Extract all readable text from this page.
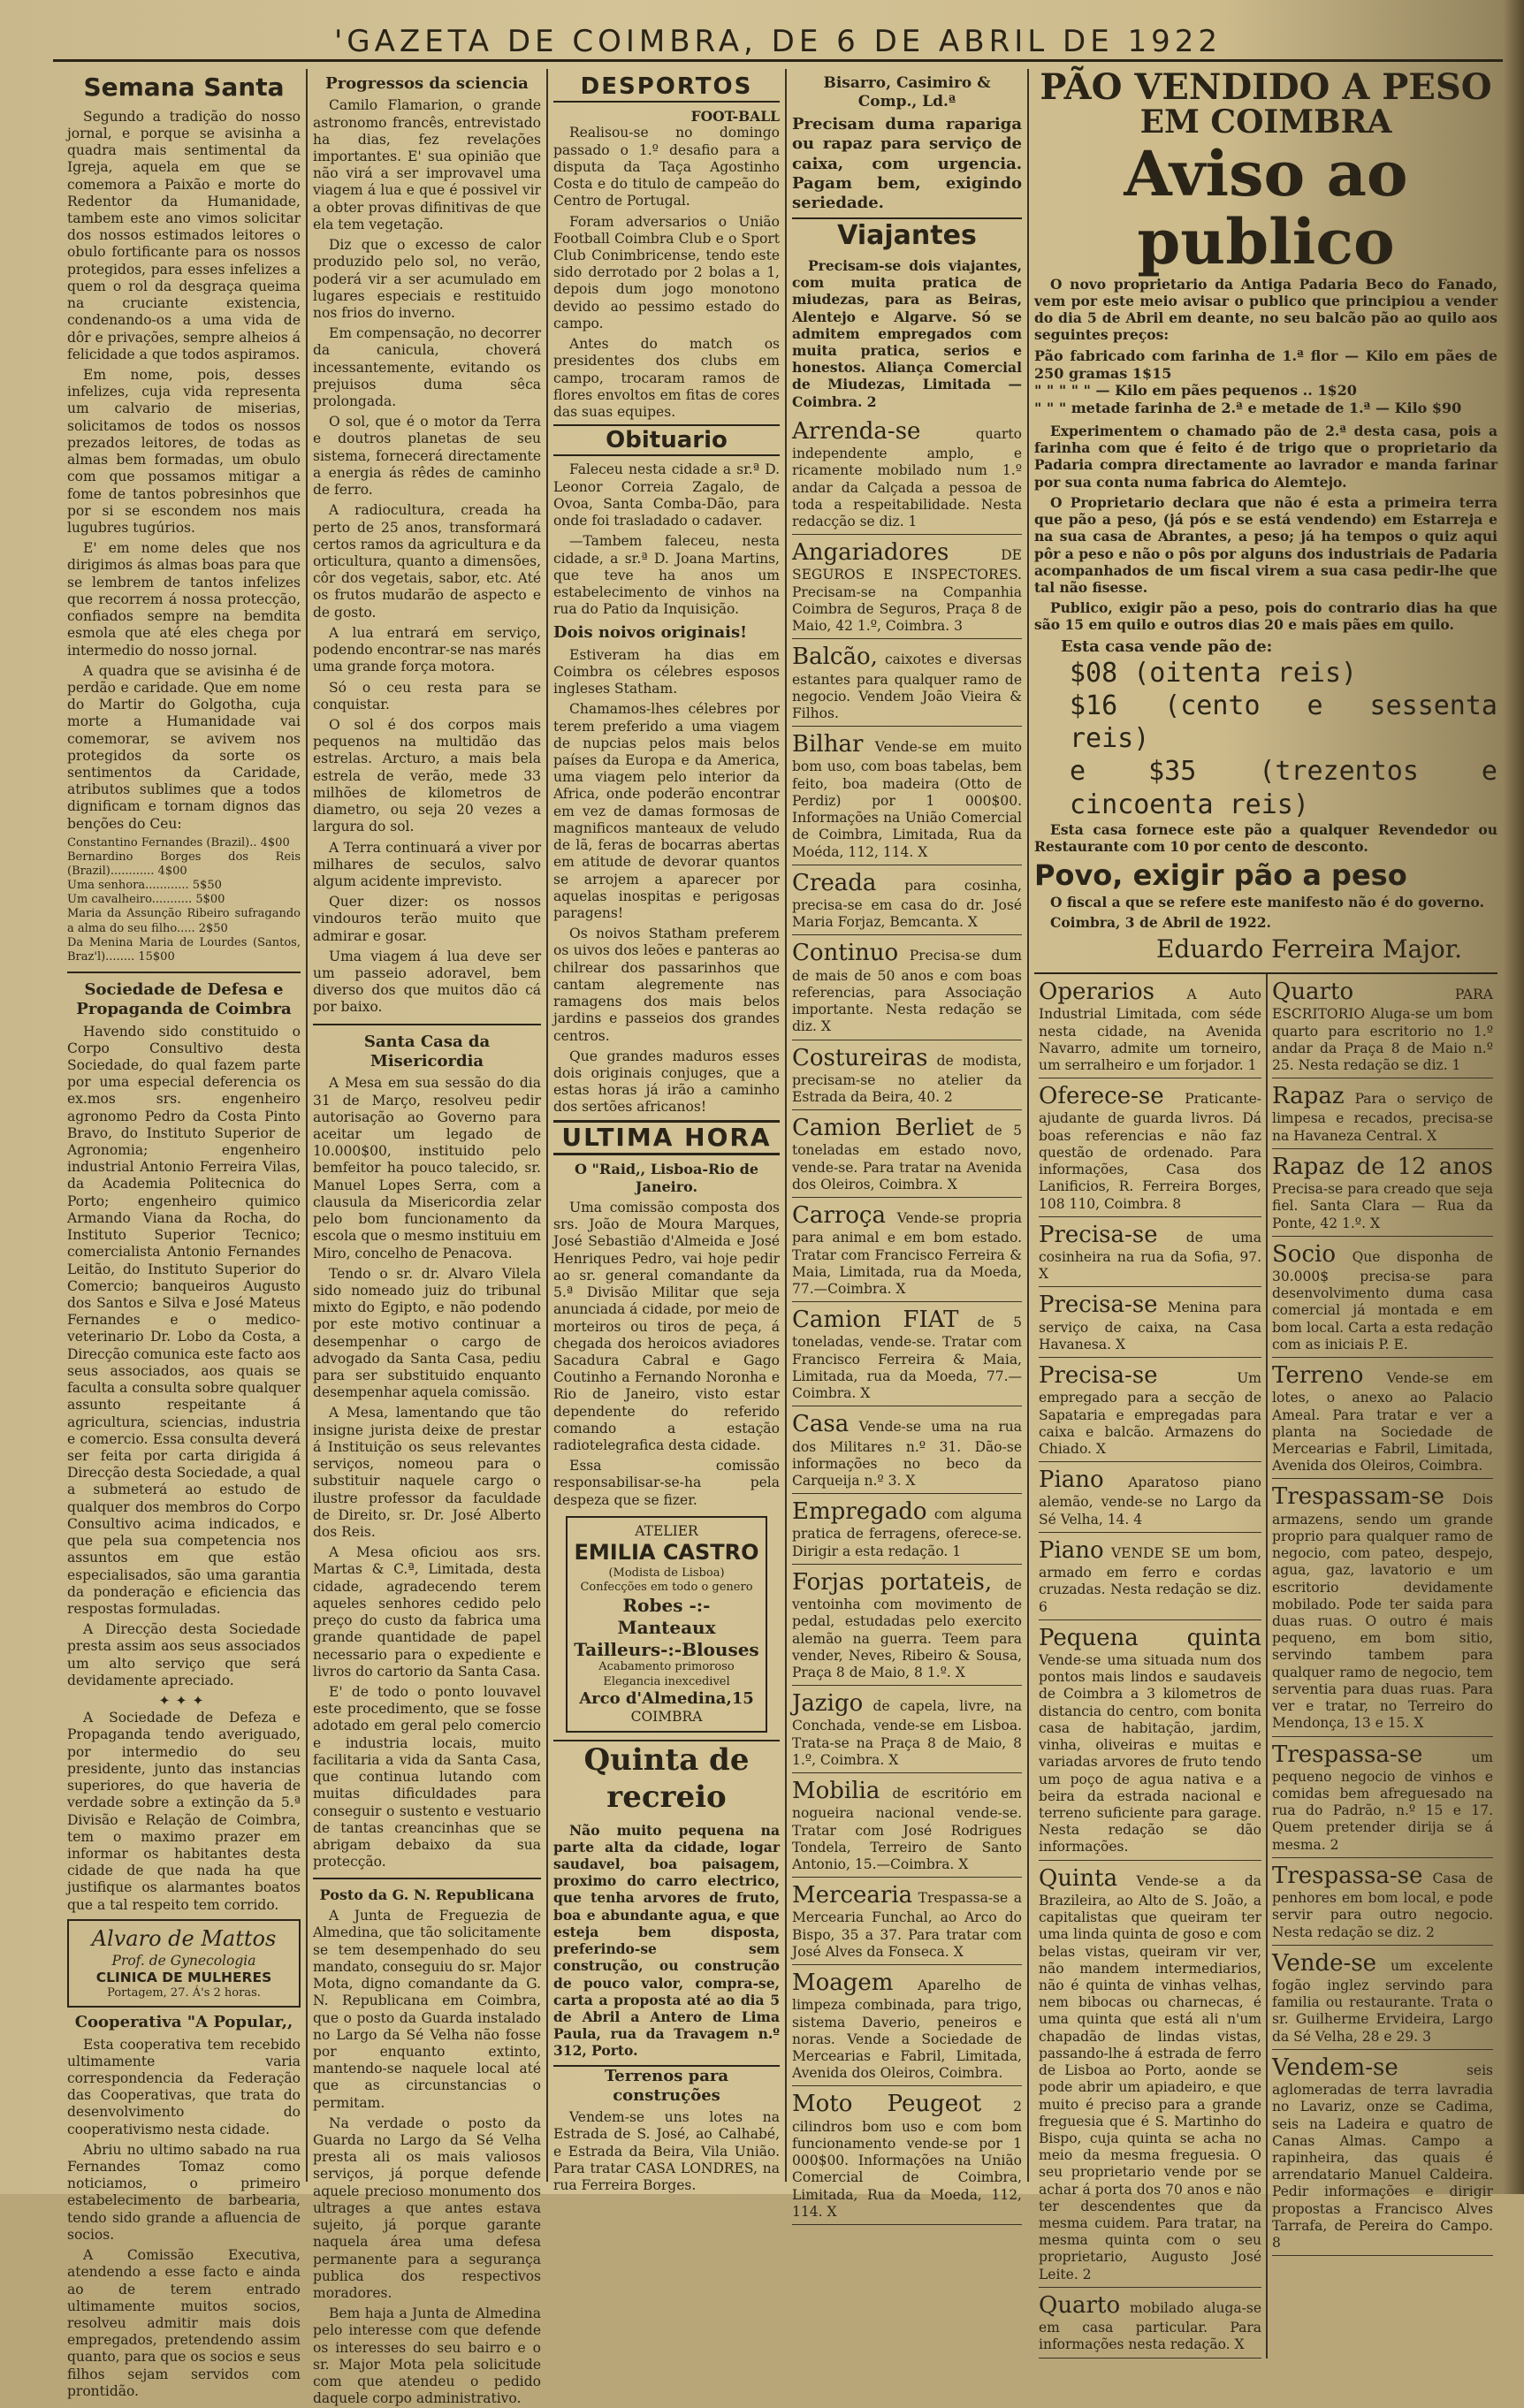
'GAZETA DE COIMBRA, DE 6 DE ABRIL DE 1922
Semana Santa

Segundo a tradição do nosso jornal, e porque se avisinha a quadra mais sentimental da Igreja, aquela em que se comemora a Paixão e morte do Redentor da Humanidade, tambem este ano vimos solicitar dos nossos estimados leitores o obulo fortificante para os nossos protegidos, para esses infelizes a quem o rol da desgraça queima na cruciante existencia, condenando-os a uma vida de dôr e privações, sempre alheios á felicidade a que todos aspiramos.

Em nome, pois, desses infelizes, cuja vida representa um calvario de miserias, solicitamos de todos os nossos prezados leitores, de todas as almas bem formadas, um obulo com que possamos mitigar a fome de tantos pobresinhos que por si se escondem nos mais lugubres tugúrios.

E' em nome deles que nos dirigimos ás almas boas para que se lembrem de tantos infelizes que recorrem á nossa protecção, confiados sempre na bemdita esmola que até eles chega por intermedio do nosso jornal.

A quadra que se avisinha é de perdão e caridade. Que em nome do Martir do Golgotha, cuja morte a Humanidade vai comemorar, se avivem nos protegidos da sorte os sentimentos da Caridade, atributos sublimes que a todos dignificam e tornam dignos das benções do Ceu:

Constantino Fernandes (Brazil).. 4$00
Bernardino Borges dos Reis (Brazil)............ 4$00
Uma senhora............ 5$50
Um cavalheiro........... 5$00
Maria da Assunção Ribeiro sufragando a alma do seu filho..... 2$50
Da Menina Maria de Lourdes (Santos, Braz'l)........ 15$00
Sociedade de Defesa e Propaganda de Coimbra

Havendo sido constituido o Corpo Consultivo desta Sociedade, do qual fazem parte por uma especial deferencia os ex.mos srs. engenheiro agronomo Pedro da Costa Pinto Bravo, do Instituto Superior de Agronomia; engenheiro industrial Antonio Ferreira Vilas, da Academia Politecnica do Porto; engenheiro quimico Armando Viana da Rocha, do Instituto Superior Tecnico; comercialista Antonio Fernandes Leitão, do Instituto Superior do Comercio; banqueiros Augusto dos Santos e Silva e José Mateus Fernandes e o medico-veterinario Dr. Lobo da Costa, a Direcção comunica este facto aos seus associados, aos quais se faculta a consulta sobre qualquer assunto respeitante á agricultura, sciencias, industria e comercio. Essa consulta deverá ser feita por carta dirigida á Direcção desta Sociedade, a qual a submeterá ao estudo de qualquer dos membros do Corpo Consultivo acima indicados, e que pela sua competencia nos assuntos em que estão especialisados, são uma garantia da ponderação e eficiencia das respostas formuladas.

A Direcção desta Sociedade presta assim aos seus associados um alto serviço que será devidamente apreciado.

✦✦✦

A Sociedade de Defeza e Propaganda tendo averiguado, por intermedio do seu presidente, junto das instancias superiores, do que haveria de verdade sobre a extinção da 5.ª Divisão e Relação de Coimbra, tem o maximo prazer em informar os habitantes desta cidade de que nada ha que justifique os alarmantes boatos que a tal respeito tem corrido.

Alvaro de Mattos
Prof. de Gynecologia
CLINICA DE MULHERES
Portagem, 27. Á's 2 horas.
Cooperativa "A Popular,,

Esta cooperativa tem recebido ultimamente varia correspondencia da Federação das Cooperativas, que trata do desenvolvimento do cooperativismo nesta cidade.

Abriu no ultimo sabado na rua Fernandes Tomaz como noticiamos, o primeiro estabelecimento de barbearia, tendo sido grande a afluencia de socios.

A Comissão Executiva, atendendo a esse facto e ainda ao de terem entrado ultimamente muitos socios, resolveu admitir mais dois empregados, pretendendo assim quanto, para que os socios e seus filhos sejam servidos com prontidão.

Progressos da sciencia

Camilo Flamarion, o grande astronomo francês, entrevistado ha dias, fez revelações importantes. E' sua opinião que não virá a ser improvavel uma viagem á lua e que é possivel vir a obter provas difinitivas de que ela tem vegetação.

Diz que o excesso de calor produzido pelo sol, no verão, poderá vir a ser acumulado em lugares especiais e restituido nos frios do inverno.

Em compensação, no decorrer da canicula, choverá incessantemente, evitando os prejuisos duma sêca prolongada.

O sol, que é o motor da Terra e doutros planetas de seu sistema, fornecerá directamente a energia ás rêdes de caminho de ferro.

A radiocultura, creada ha perto de 25 anos, transformará certos ramos da agricultura e da orticultura, quanto a dimensões, côr dos vegetais, sabor, etc. Até os frutos mudarão de aspecto e de gosto.

A lua entrará em serviço, podendo encontrar-se nas marés uma grande força motora.

Só o ceu resta para se conquistar.

O sol é dos corpos mais pequenos na multidão das estrelas. Arcturo, a mais bela estrela de verão, mede 33 milhões de kilometros de diametro, ou seja 20 vezes a largura do sol.

A Terra continuará a viver por milhares de seculos, salvo algum acidente imprevisto.

Quer dizer: os nossos vindouros terão muito que admirar e gosar.

Uma viagem á lua deve ser um passeio adoravel, bem diverso dos que muitos dão cá por baixo.

Santa Casa da Misericordia

A Mesa em sua sessão do dia 31 de Março, resolveu pedir autorisação ao Governo para aceitar um legado de 10.000$00, instituido pelo bemfeitor ha pouco talecido, sr. Manuel Lopes Serra, com a clausula da Misericordia zelar pelo bom funcionamento da escola que o mesmo instituiu em Miro, concelho de Penacova.

Tendo o sr. dr. Alvaro Vilela sido nomeado juiz do tribunal mixto do Egipto, e não podendo por este motivo continuar a desempenhar o cargo de advogado da Santa Casa, pediu para ser substituido enquanto desempenhar aquela comissão.

A Mesa, lamentando que tão insigne jurista deixe de prestar á Instituição os seus relevantes serviços, nomeou para o substituir naquele cargo o ilustre professor da faculdade de Direito, sr. Dr. José Alberto dos Reis.

A Mesa oficiou aos srs. Martas & C.ª, Limitada, desta cidade, agradecendo terem aqueles senhores cedido pelo preço do custo da fabrica uma grande quantidade de papel necessario para o expediente e livros do cartorio da Santa Casa.

E' de todo o ponto louvavel este procedimento, que se fosse adotado em geral pelo comercio e industria locais, muito facilitaria a vida da Santa Casa, que continua lutando com muitas dificuldades para conseguir o sustento e vestuario de tantas creancinhas que se abrigam debaixo da sua protecção.

Posto da G. N. Republicana

A Junta de Freguezia de Almedina, que tão solicitamente se tem desempenhado do seu mandato, conseguiu do sr. Major Mota, digno comandante da G. N. Republicana em Coimbra, que o posto da Guarda instalado no Largo da Sé Velha não fosse por enquanto extinto, mantendo-se naquele local até que as circunstancias o permitam.

Na verdade o posto da Guarda no Largo da Sé Velha presta ali os mais valiosos serviços, já porque defende aquele precioso monumento dos ultrages a que antes estava sujeito, já porque garante naquela área uma defesa permanente para a segurança publica dos respectivos moradores.

Bem haja a Junta de Almedina pelo interesse com que defende os interesses do seu bairro e o sr. Major Mota pela solicitude com que atendeu o pedido daquele corpo administrativo.

DESPORTOS
FOOT-BALL

Realisou-se no domingo passado o 1.º desafio para a disputa da Taça Agostinho Costa e do titulo de campeão do Centro de Portugal.

Foram adversarios o União Football Coimbra Club e o Sport Club Conimbricense, tendo este sido derrotado por 2 bolas a 1, depois dum jogo monotono devido ao pessimo estado do campo.

Antes do match os presidentes dos clubs em campo, trocaram ramos de flores envoltos em fitas de cores das suas equipes.

Obituario

Faleceu nesta cidade a sr.ª D. Leonor Correia Zagalo, de Ovoa, Santa Comba-Dão, para onde foi trasladado o cadaver.

—Tambem faleceu, nesta cidade, a sr.ª D. Joana Martins, que teve ha anos um estabelecimento de vinhos na rua do Patio da Inquisição.

Dois noivos originais!

Estiveram ha dias em Coimbra os célebres esposos ingleses Statham.

Chamamos-lhes célebres por terem preferido a uma viagem de nupcias pelos mais belos países da Europa e da America, uma viagem pelo interior da Africa, onde poderão encontrar em vez de damas formosas de magnificos manteaux de veludo de lã, feras de bocarras abertas em atitude de devorar quantos se arrojem a aparecer por aquelas inospitas e perigosas paragens!

Os noivos Statham preferem os uivos dos leões e panteras ao chilrear dos passarinhos que cantam alegremente nas ramagens dos mais belos jardins e passeios dos grandes centros.

Que grandes maduros esses dois originais conjuges, que a estas horas já irão a caminho dos sertões africanos!

ULTIMA HORA
O "Raid,, Lisboa-Rio de Janeiro.

Uma comissão composta dos srs. João de Moura Marques, José Sebastião d'Almeida e José Henriques Pedro, vai hoje pedir ao sr. general comandante da 5.ª Divisão Militar que seja anunciada á cidade, por meio de morteiros ou tiros de peça, á chegada dos heroicos aviadores Sacadura Cabral e Gago Coutinho a Fernando Noronha e Rio de Janeiro, visto estar dependente do referido comando a estação radiotelegrafica desta cidade.

Essa comissão responsabilisar-se-ha pela despeza que se fizer.

ATELIER
EMILIA CASTRO
(Modista de Lisboa)
Confecções em todo o genero
Robes -:- Manteaux
Tailleurs-:-Blouses
Acabamento primoroso
Elegancia inexcedivel
Arco d'Almedina,15
COIMBRA
Quinta de recreio

Não muito pequena na parte alta da cidade, logar saudavel, boa paisagem, proximo do carro electrico, que tenha arvores de fruto, boa e abundante agua, e que esteja bem disposta, preferindo-se sem construção, ou construção de pouco valor, compra-se, carta a proposta até ao dia 5 de Abril a Antero de Lima Paula, rua da Travagem n.º 312, Porto.

Terrenos para construções

Vendem-se uns lotes na Estrada de S. José, ao Calhabé, e Estrada da Beira, Vila União. Para tratar CASA LONDRES, na rua Ferreira Borges.

Bisarro, Casimiro & Comp., Ld.ª

Precisam duma rapariga ou rapaz para serviço de caixa, com urgencia. Pagam bem, exigindo seriedade.

Viajantes

Precisam-se dois viajantes, com muita pratica de miudezas, para as Beiras, Alentejo e Algarve. Só se admitem empregados com muita pratica, serios e honestos. Aliança Comercial de Miudezas, Limitada — Coimbra. 2

Arrenda-se	quarto independente amplo, e ricamente mobilado num 1.º andar da Calçada a pessoa de toda a respeitabilidade. Nesta redacção se diz. 1
Angariadores	DE SEGUROS E INSPECTORES. Precisam-se na Companhia Coimbra de Seguros, Praça 8 de Maio, 42 1.º, Coimbra. 3
Balcão, caixotes e diversas estantes para qualquer ramo de negocio. Vendem João Vieira & Filhos.
Bilhar Vende-se em muito bom uso, com boas tabelas, bem feito, boa madeira (Otto de Perdiz) por 1 000$00. Informações na União Comercial de Coimbra, Limitada, Rua da Moéda, 112, 114. X
Creada para cosinha, precisa-se em casa do dr. José Maria Forjaz, Bemcanta. X
Continuo Precisa-se dum de mais de 50 anos e com boas referencias, para Associação importante. Nesta redação se diz. X
Costureiras de modista, precisam-se no atelier da Estrada da Beira, 40. 2
Camion Berliet de 5 toneladas em estado novo, vende-se. Para tratar na Avenida dos Oleiros, Coimbra. X
Carroça Vende-se propria para animal e em bom estado. Tratar com Francisco Ferreira & Maia, Limitada, rua da Moeda, 77.—Coimbra. X
Camion FIAT de 5 toneladas, vende-se. Tratar com Francisco Ferreira & Maia, Limitada, rua da Moeda, 77.—Coimbra. X
Casa Vende-se uma na rua dos Militares n.º 31. Dão-se informações no beco da Carqueija n.º 3. X
Empregado com alguma pratica de ferragens, oferece-se. Dirigir a esta redação. 1
Forjas portateis, de ventoinha com movimento de pedal, estudadas pelo exercito alemão na guerra. Teem para vender, Neves, Ribeiro & Sousa, Praça 8 de Maio, 8 1.º. X
Jazigo de capela, livre, na Conchada, vende-se em Lisboa. Trata-se na Praça 8 de Maio, 8 1.º, Coimbra. X
Mobilia de escritório em nogueira nacional vende-se. Tratar com José Rodrigues Tondela, Terreiro de Santo Antonio, 15.—Coimbra. X
Mercearia Trespassa-se a Mercearia Funchal, ao Arco do Bispo, 35 a 37. Para tratar com José Alves da Fonseca. X
Moagem Aparelho de limpeza combinada, para trigo, sistema Daverio, peneiros e noras. Vende a Sociedade de Mercearias e Fabril, Limitada, Avenida dos Oleiros, Coimbra.
Moto Peugeot 2 cilindros bom uso e com bom funcionamento vende-se por 1 000$00. Informações na União Comercial de Coimbra, Limitada, Rua da Moeda, 112, 114. X
PÃO VENDIDO A PESO
EM COIMBRA
Aviso ao publico

O novo proprietario da Antiga Padaria Beco do Fanado, vem por este meio avisar o publico que principiou a vender do dia 5 de Abril em deante, no seu balcão pão ao quilo aos seguintes preços:

Pão fabricado com farinha de 1.ª flor — Kilo em pães de 250 gramas 1$15
" " " " " — Kilo em pães pequenos .. 1$20
" " " metade farinha de 2.ª e metade de 1.ª — Kilo $90

Experimentem o chamado pão de 2.ª desta casa, pois a farinha com que é feito é de trigo que o proprietario da Padaria compra directamente ao lavrador e manda farinar por sua conta numa fabrica do Alemtejo.

O Proprietario declara que não é esta a primeira terra que pão a peso, (já pós e se está vendendo) em Estarreja e na sua casa de Abrantes, a peso; já ha tempos o quiz aqui pôr a peso e não o pôs por alguns dos industriais de Padaria acompanhados de um fiscal virem a sua casa pedir-lhe que tal não fisesse.

Publico, exigir pão a peso, pois do contrario dias ha que são 15 em quilo e outros dias 20 e mais pães em quilo.

Esta casa vende pão de:
$08 (oitenta reis)
$16 (cento e sessenta reis)
e $35 (trezentos e cincoenta reis)

Esta casa fornece este pão a qualquer Revendedor ou Restaurante com 10 por cento de desconto.

Povo, exigir pão a peso

O fiscal a que se refere este manifesto não é do governo.

Coimbra, 3 de Abril de 1922.

Eduardo Ferreira Major.
Operarios A Auto Industrial Limitada, com séde nesta cidade, na Avenida Navarro, admite um torneiro, um serralheiro e um forjador. 1
Oferece-se Praticante-ajudante de guarda livros. Dá boas referencias e não faz questão de ordenado. Para informações, Casa dos Lanificios, R. Ferreira Borges, 108 110, Coimbra. 8
Precisa-se de uma cosinheira na rua da Sofia, 97. X
Precisa-se Menina para serviço de caixa, na Casa Havanesa. X
Precisa-se	Um empregado para a secção de Sapataria e empregadas para caixa e balcão. Armazens do Chiado. X
Piano Aparatoso piano alemão, vende-se no Largo da Sé Velha, 14. 4
Piano VENDE SE um bom, armado em ferro e cordas cruzadas. Nesta redação se diz. 6
Pequena quinta Vende-se uma situada num dos pontos mais lindos e saudaveis de Coimbra a 3 kilometros de distancia do centro, com bonita casa de habitação, jardim, vinha, oliveiras e muitas e variadas arvores de fruto tendo um poço de agua nativa e a beira da estrada nacional e terreno suficiente para garage. Nesta redação se dão informações.
Quinta Vende-se a da Brazileira, ao Alto de S. João, a capitalistas que queiram ter uma linda quinta de goso e com belas vistas, queiram vir ver, não mandem intermediarios, não é quinta de vinhas velhas, nem bibocas ou charnecas, é uma quinta que está ali n'um chapadão de lindas vistas, passando-lhe á estrada de ferro de Lisboa ao Porto, aonde se pode abrir um apiadeiro, e que muito é preciso para a grande freguesia que é S. Martinho do Bispo, cuja quinta se acha no meio da mesma freguesia. O seu proprietario vende por se achar á porta dos 70 anos e não ter descendentes que da mesma cuidem. Para tratar, na mesma quinta com o seu proprietario, Augusto José Leite. 2
Quarto mobilado aluga-se em casa particular. Para informações nesta redação. X
Quarto	PARA ESCRITORIO Aluga-se um bom quarto para escritorio no 1.º andar da Praça 8 de Maio n.º 25. Nesta redação se diz. 1
Rapaz Para o serviço de limpesa e recados, precisa-se na Havaneza Central. X
Rapaz de 12 anos Precisa-se para creado que seja fiel. Santa Clara — Rua da Ponte, 42 1.º. X
Socio Que disponha de 30.000$ precisa-se para desenvolvimento duma casa comercial já montada e em bom local. Carta a esta redação com as iniciais P. E.
Terreno Vende-se em lotes, o anexo ao Palacio Ameal. Para tratar e ver a planta na Sociedade de Mercearias e Fabril, Limitada, Avenida dos Oleiros, Coimbra.
Trespassam-se Dois armazens, sendo um grande proprio para qualquer ramo de negocio, com pateo, despejo, agua, gaz, lavatorio e um escritorio devidamente mobilado. Pode ter saida para duas ruas. O outro é mais pequeno, em bom sitio, servindo tambem para qualquer ramo de negocio, tem serventia para duas ruas. Para ver e tratar, no Terreiro do Mendonça, 13 e 15. X
Trespassa-se	um pequeno negocio de vinhos e comidas bem afreguesado na rua do Padrão, n.º 15 e 17. Quem pretender dirija se á mesma. 2
Trespassa-se Casa de penhores em bom local, e pode servir para outro negocio. Nesta redação se diz. 2
Vende-se um excelente fogão inglez servindo para familia ou restaurante. Trata o sr. Guilherme Ervideira, Largo da Sé Velha, 28 e 29. 3
Vendem-se	seis aglomeradas de terra lavradia no Lavariz, onze se Cadima, seis na Ladeira e quatro de Canas Almas. Campo a rapinheira, das quais é arrendatario Manuel Caldeira. Pedir informações e dirigir propostas a Francisco Alves Tarrafa, de Pereira do Campo. 8
